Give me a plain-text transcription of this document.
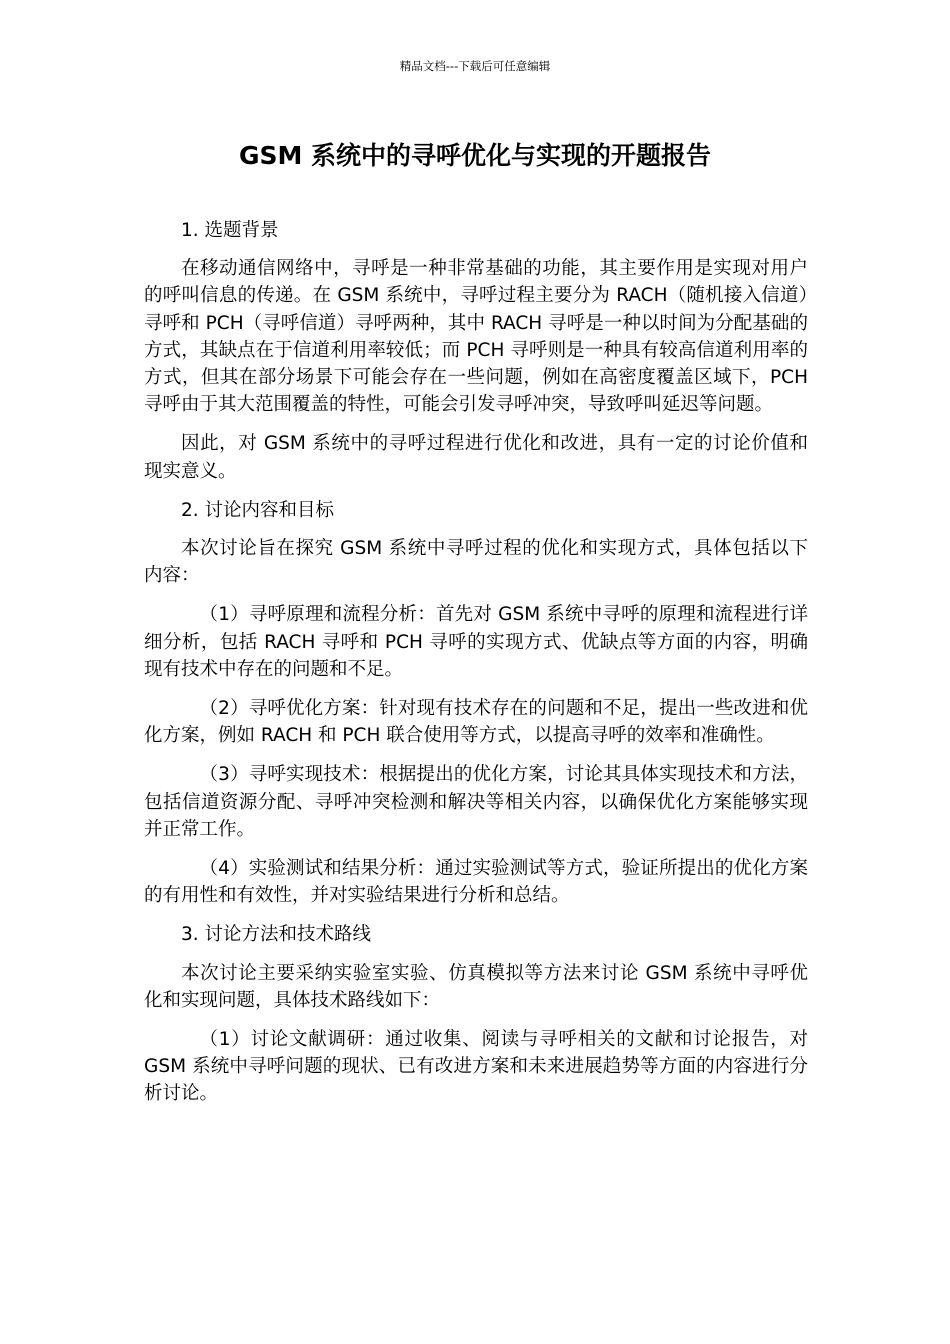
精品文档---下载后可任意编辑
GSM 系统中的寻呼优化与实现的开题报告

1. 选题背景

在移动通信网络中，寻呼是一种非常基础的功能，其主要作用是实现对用户的呼叫信息的传递。在 GSM 系统中，寻呼过程主要分为 RACH（随机接入信道）寻呼和 PCH（寻呼信道）寻呼两种，其中 RACH 寻呼是一种以时间为分配基础的方式，其缺点在于信道利用率较低；而 PCH 寻呼则是一种具有较高信道利用率的方式，但其在部分场景下可能会存在一些问题，例如在高密度覆盖区域下，PCH 寻呼由于其大范围覆盖的特性，可能会引发寻呼冲突，导致呼叫延迟等问题。

因此，对 GSM 系统中的寻呼过程进行优化和改进，具有一定的讨论价值和现实意义。

2. 讨论内容和目标

本次讨论旨在探究 GSM 系统中寻呼过程的优化和实现方式，具体包括以下内容：

（1）寻呼原理和流程分析：首先对 GSM 系统中寻呼的原理和流程进行详细分析，包括 RACH 寻呼和 PCH 寻呼的实现方式、优缺点等方面的内容，明确现有技术中存在的问题和不足。

（2）寻呼优化方案：针对现有技术存在的问题和不足，提出一些改进和优化方案，例如 RACH 和 PCH 联合使用等方式，以提高寻呼的效率和准确性。

（3）寻呼实现技术：根据提出的优化方案，讨论其具体实现技术和方法，包括信道资源分配、寻呼冲突检测和解决等相关内容，以确保优化方案能够实现并正常工作。

（4）实验测试和结果分析：通过实验测试等方式，验证所提出的优化方案的有用性和有效性，并对实验结果进行分析和总结。

3. 讨论方法和技术路线

本次讨论主要采纳实验室实验、仿真模拟等方法来讨论 GSM 系统中寻呼优化和实现问题，具体技术路线如下：

（1）讨论文献调研：通过收集、阅读与寻呼相关的文献和讨论报告，对 GSM 系统中寻呼问题的现状、已有改进方案和未来进展趋势等方面的内容进行分析讨论。
